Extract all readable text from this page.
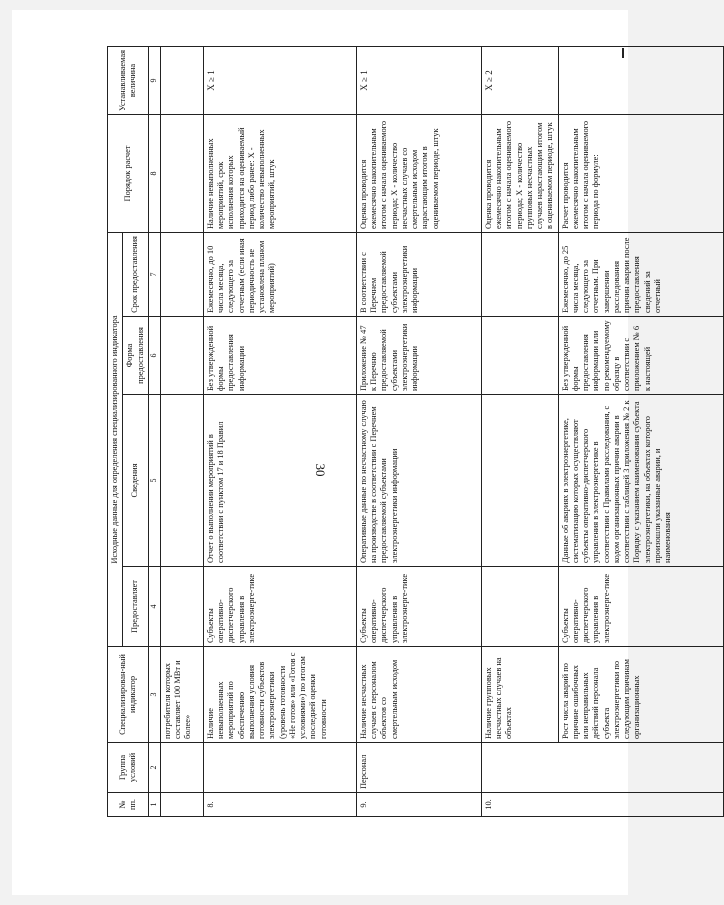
30
№ пп.	Группа условий	Специализирован-ный индикатор	Исходные данные для определения специализированного индикатора				Порядок расчет	Устанавливаемая величина
			Предоставляет	Сведения	Форма предоставления	Срок предоставления		

1	2	3	4	5	6	7	8	9
		потребителя которых составляет 100 МВт и более»						
8.		Наличие невыполненных мероприятий по обеспечению выполнения условия готовности субъектов электроэнергетики (уровень готовности «Не готов» или «Готов с условиями») по итогам последней оценки готовности	Субъекты оперативно-диспетчерского управления в электроэнерге-тике	Отчет о выполнении мероприятий в соответствии с пунктом 17 и 18 Правил	Без утвержденной формы предоставления информации	Ежемесячно, до 10 числа месяца, следующего за отчетным (если иная периодичность не установлена планом мероприятий)	Наличие невыполненных мероприятий, срок исполнения которых приходится на оцениваемый период либо ранее: X - количество невыполненных мероприятий, штук	X ≥ 1
9.	Персонал	Наличие несчастных случаев с персоналом объектов со смертельным исходом	Субъекты оперативно-диспетчерского управления в электроэнерге-тике	Оперативные данные по несчастному случаю на производстве в соответствии с Перечнем предоставляемой субъектами электроэнергетики информации	Приложение № 47 к Перечню предоставляемой субъектами электроэнергетики информации	В соответствии с Перечнем предоставляемой субъектами электроэнергетики информации	Оценка проводится ежемесячно накопительным итогом с начала оцениваемого периода; X - количество несчастных случаев со смертельным исходом нарастающим итогом в оцениваемом периоде, штук	X ≥ 1
10.		Наличие групповых несчастных случаев на объектах					Оценка проводится ежемесячно накопительным итогом с начала оцениваемого периода; X - количество групповых несчастных случаев нарастающим итогом в оцениваемом периоде, штук	X ≥ 2
		Рост числа аварий по причине ошибочных или неправильных действий персонала субъекта электроэнергетики по следующим причинам организационных	Субъекты оперативно-диспетчерского управления в электроэнерге-тике	Данные об авариях в электроэнергетике, систематизацию которых осуществляют субъекты оперативно-диспетчерского управления в электроэнергетике в соответствии с Правилами расследования, с кодом организационных причин аварии в соответствии с таблицей 3 приложения № 2 к Порядку с указанием наименования субъекта электроэнергетики, на объектах которого произошли указанные аварии, и наименования	Без утвержденной формы предоставления информации или по рекомендуемому образцу в соответствии с приложением № 6 к настоящей	Ежемесячно, до 25 числа месяца, следующего за отчетным. При завершении расследования причин аварии после предоставления сведений за отчетный	Расчет проводится ежемесячно накопительным итогом с начала оцениваемого периода по формуле:	
